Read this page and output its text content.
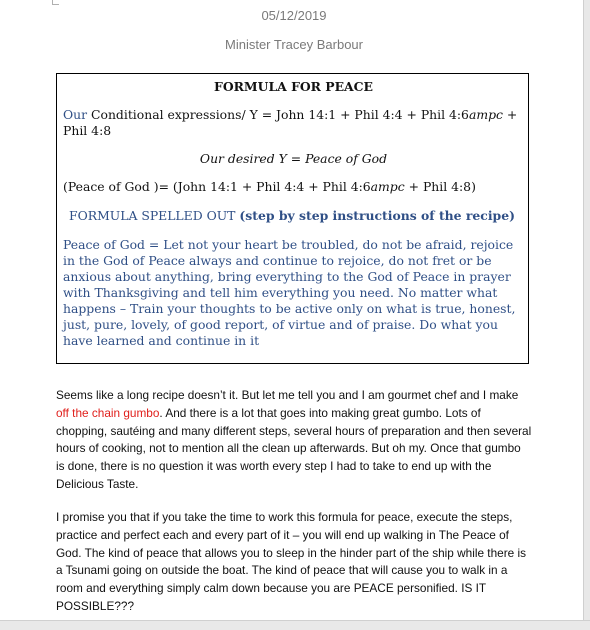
05/12/2019
Minister Tracey Barbour
FORMULA FOR PEACE
Our Conditional expressions/ Y = John 14:1 + Phil 4:4 + Phil 4:6ampc + Phil 4:8
Our desired Y = Peace of God
(Peace of God )= (John 14:1 + Phil 4:4 + Phil 4:6ampc + Phil 4:8)
FORMULA SPELLED OUT (step by step instructions of the recipe)
Peace of God = Let not your heart be troubled, do not be afraid, rejoice in the God of Peace always and continue to rejoice, do not fret or be anxious about anything, bring everything to the God of Peace in prayer with Thanksgiving and tell him everything you need. No matter what happens – Train your thoughts to be active only on what is true, honest, just, pure, lovely, of good report, of virtue and of praise. Do what you have learned and continue in it
Seems like a long recipe doesn’t it. But let me tell you and I am gourmet chef and I make off the chain gumbo. And there is a lot that goes into making great gumbo. Lots of chopping, sautéing and many different steps, several hours of preparation and then several hours of cooking, not to mention all the clean up afterwards. But oh my. Once that gumbo is done, there is no question it was worth every step I had to take to end up with the Delicious Taste.
I promise you that if you take the time to work this formula for peace, execute the steps, practice and perfect each and every part of it – you will end up walking in The Peace of God. The kind of peace that allows you to sleep in the hinder part of the ship while there is a Tsunami going on outside the boat. The kind of peace that will cause you to walk in a room and everything simply calm down because you are PEACE personified. IS IT POSSIBLE???
